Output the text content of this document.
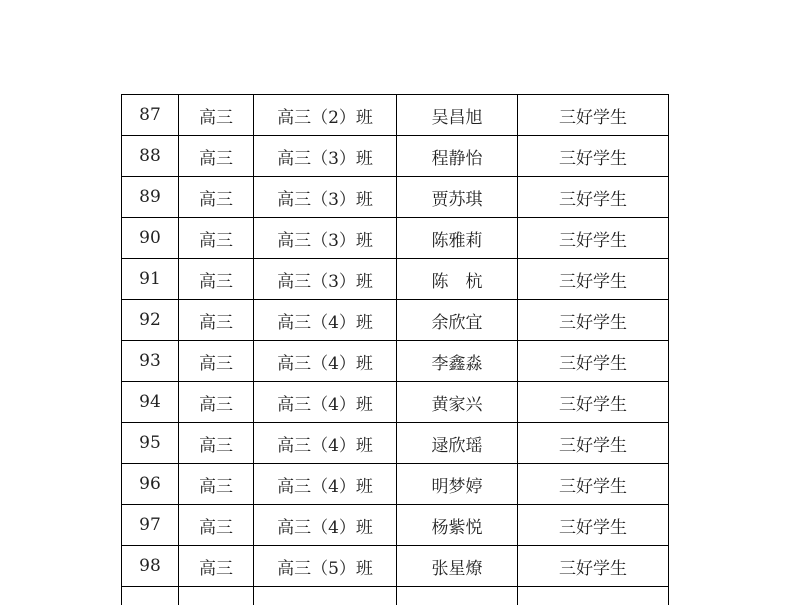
87	高三	高三（2）班	吴昌旭	三好学生
88	高三	高三（3）班	程静怡	三好学生
89	高三	高三（3）班	贾苏琪	三好学生
90	高三	高三（3）班	陈雅莉	三好学生
91	高三	高三（3）班	陈　杭	三好学生
92	高三	高三（4）班	余欣宜	三好学生
93	高三	高三（4）班	李鑫淼	三好学生
94	高三	高三（4）班	黄家兴	三好学生
95	高三	高三（4）班	逯欣瑶	三好学生
96	高三	高三（4）班	明梦婷	三好学生
97	高三	高三（4）班	杨紫悦	三好学生
98	高三	高三（5）班	张星燎	三好学生
